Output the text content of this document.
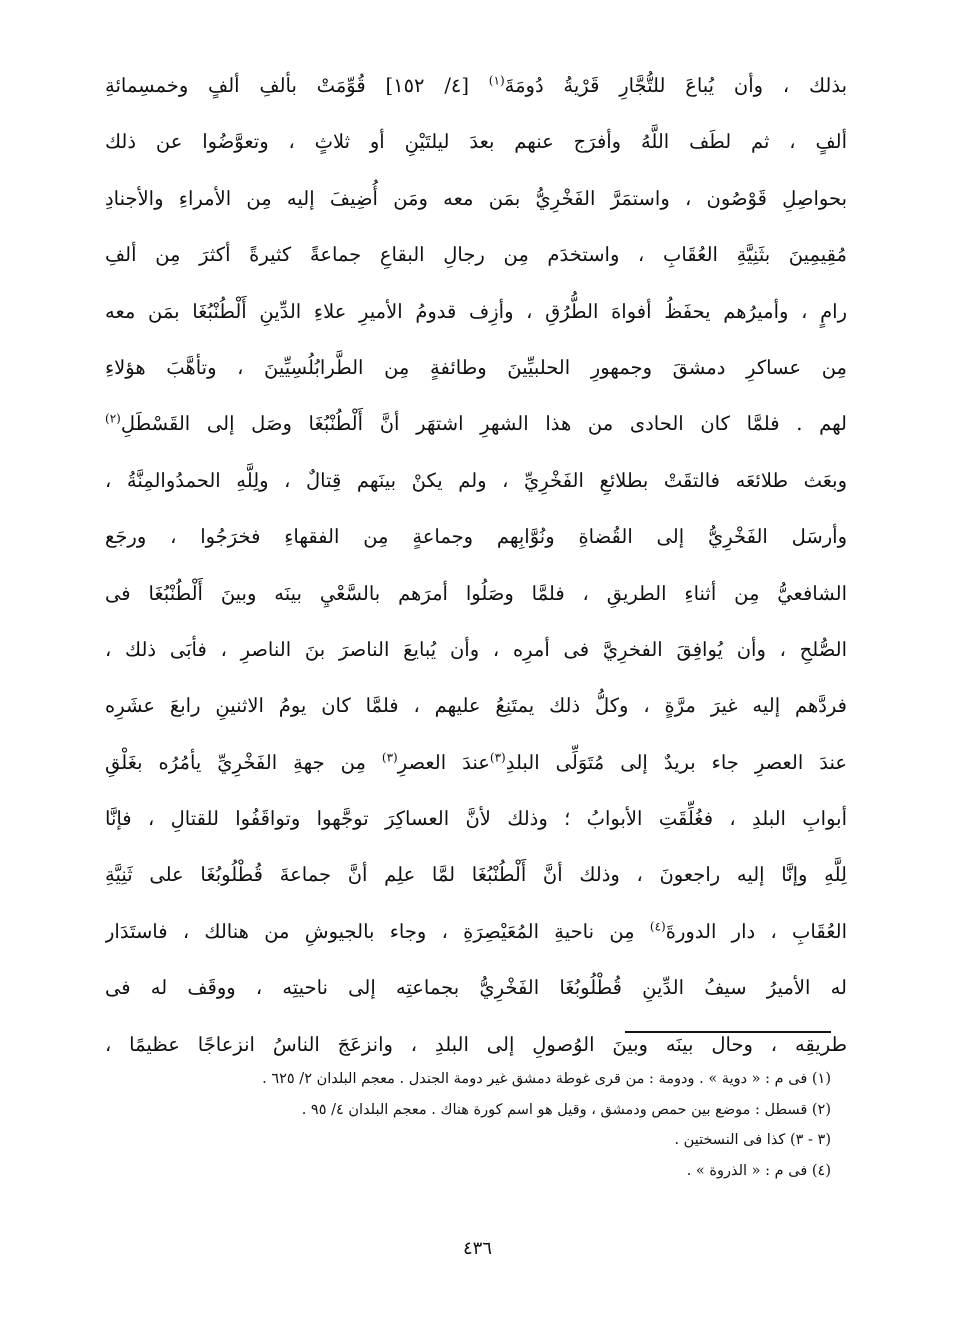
بذلك ، وأن يُباعَ للتُّجَّارِ قَرْيةُ دُومَةَ$^{(١)}$ [٤/ ١٥٢] قُوِّمَتْ بألفِ ألفٍ وخمسِمائةِ
ألفٍ ، ثم لطَف اللَّهُ وأفرَج عنهم بعدَ ليلتَيْنِ أو ثلاثٍ ، وتعوَّضُوا عن ذلك
بحواصِلِ قَوْصُون ، واستمَرَّ الفَخْرِيُّ بمَن معه ومَن أُضِيفَ إليه مِن الأمراءِ والأجنادِ
مُقِيمِينَ بثَنِيَّةِ العُقَابِ ، واستخدَم مِن رجالِ البقاعِ جماعةً كثيرةً أكثرَ مِن ألفِ
رامٍ ، وأميرُهم يحفَظُ أفواهَ الطُّرُقِ ، وأزِف قدومُ الأميرِ علاءِ الدِّينِ أَلْطُنْبُغَا بمَن معه
مِن عساكرِ دمشقَ وجمهورِ الحلبيِّينَ وطائفةٍ مِن الطَّرابُلُسِيِّينَ ، وتأهَّبَ هؤلاءِ
لهم . فلمَّا كان الحادى من هذا الشهرِ اشتهَر أنَّ أَلْطُنْبُغَا وصَل إلى القَسْطَلِ$^{(٢)}$
وبعَث طلائعَه فالتقَتْ بطلائعِ الفَخْرِيِّ ، ولم يكنْ بينَهم قِتالٌ ، ولِلَّهِ الحمدُوالمِنَّةُ ،
وأرسَل الفَخْرِيُّ إلى القُضاةِ ونُوَّابِهم وجماعةٍ مِن الفقهاءِ فخرَجُوا ، ورجَع
الشافعيُّ مِن أثناءِ الطريقِ ، فلمَّا وصَلُوا أمرَهم بالسَّعْيِ بينَه وبينَ أَلْطُنْبُغَا فى
الصُّلحِ ، وأن يُوافِقَ الفخرِيَّ فى أمرِه ، وأن يُبايعَ الناصرَ بنَ الناصرِ ، فأبَى ذلك ،
فردَّهم إليه غيرَ مرَّةٍ ، وكلُّ ذلك يمتَنِعُ عليهم ، فلمَّا كان يومُ الاثنينِ رابعَ عشَرِه
عندَ العصرِ جاء بريدٌ إلى مُتَوَلِّى البلدِ$^{(٣)}$عندَ العصرِ$^{(٣)}$ مِن جهةِ الفَخْرِيِّ يأمُرُه بغَلْقِ
أبوابِ البلدِ ، فغُلِّقَتِ الأبوابُ ؛ وذلك لأنَّ العساكِرَ توجَّهوا وتواقَفُوا للقتالِ ، فإنَّا
لِلَّهِ وإنَّا إليه راجعونَ ، وذلك أنَّ أَلْطُنْبُغَا لمَّا علِم أنَّ جماعةَ قُطْلُوبُغَا على ثَنِيَّةِ
العُقَابِ ، دار الدورةَ$^{(٤)}$ مِن ناحيةِ المُعَيْصِرَةِ ، وجاء بالجيوشِ من هنالك ، فاستَدَار
له الأميرُ سيفُ الدِّينِ قُطْلُوبُغَا الفَخْرِيُّ بجماعتِه إلى ناحيتِه ، ووقَف له فى
طريقِه ، وحال بينَه وبينَ الوُصولِ إلى البلدِ ، وانزعَجَ الناسُ انزعاجًا عظيمًا ،
(١) فى م : « دوية » . ودومة : من قرى غوطة دمشق غير دومة الجندل . معجم البلدان ٢/ ٦٢٥ .
(٢) قسطل : موضع بين حمص ودمشق ، وقيل هو اسم كورة هناك . معجم البلدان ٤/ ٩٥ .
(٣ - ٣) كذا فى النسختين .
(٤) فى م : « الذروة » .
٤٣٦
